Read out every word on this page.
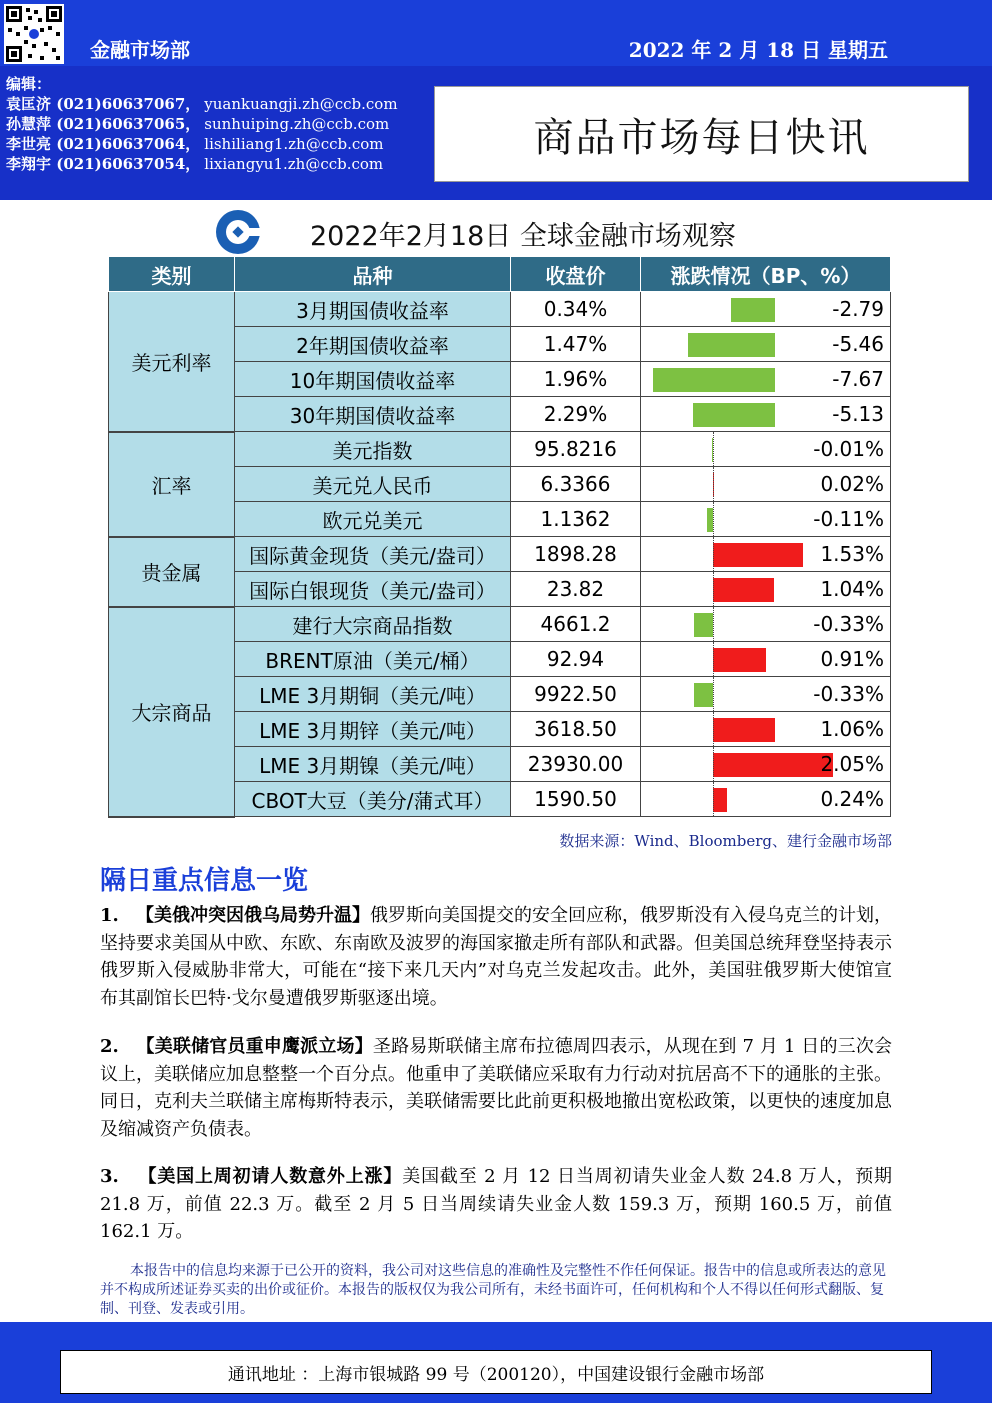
金融市场部	2022 年 2 月 18 日 星期五
编辑：
袁匡济 (021)60637067， yuankuangji.zh@ccb.com
孙慧萍 (021)60637065， sunhuiping.zh@ccb.com
李世亮 (021)60637064， lishiliang1.zh@ccb.com
李翔宇 (021)60637054， lixiangyu1.zh@ccb.com
商品市场每日快讯
2022年2月18日 全球金融市场观察
类别	品种	收盘价	涨跌情况（BP、%）
美元利率	3月期国债收益率	0.34%	-2.79

	2年期国债收益率	1.47%	-5.46

	10年期国债收益率	1.96%	-7.67

	30年期国债收益率	2.29%	-5.13

汇率	美元指数	95.8216	-0.01%

	美元兑人民币	6.3366	0.02%

	欧元兑美元	1.1362	-0.11%

贵金属	国际黄金现货（美元/盎司）	1898.28	1.53%

	国际白银现货（美元/盎司）	23.82	1.04%

大宗商品	建行大宗商品指数	4661.2	-0.33%

	BRENT原油（美元/桶）	92.94	0.91%

	LME 3月期铜（美元/吨）	9922.50	-0.33%

	LME 3月期锌（美元/吨）	3618.50	1.06%

	LME 3月期镍（美元/吨）	23930.00	2.05%

	CBOT大豆（美分/蒲式耳）	1590.50	0.24%
数据来源：Wind、Bloomberg、建行金融市场部
隔日重点信息一览
1. 【美俄冲突因俄乌局势升温】俄罗斯向美国提交的安全回应称，俄罗斯没有入侵乌克兰的计划，坚持要求美国从中欧、东欧、东南欧及波罗的海国家撤走所有部队和武器。但美国总统拜登坚持表示俄罗斯入侵威胁非常大，可能在“接下来几天内”对乌克兰发起攻击。此外，美国驻俄罗斯大使馆宣布其副馆长巴特·戈尔曼遭俄罗斯驱逐出境。
2. 【美联储官员重申鹰派立场】圣路易斯联储主席布拉德周四表示，从现在到 7 月 1 日的三次会议上，美联储应加息整整一个百分点。他重申了美联储应采取有力行动对抗居高不下的通胀的主张。同日，克利夫兰联储主席梅斯特表示，美联储需要比此前更积极地撤出宽松政策，以更快的速度加息及缩减资产负债表。
3. 【美国上周初请人数意外上涨】美国截至 2 月 12 日当周初请失业金人数 24.8 万人，预期 21.8 万，前值 22.3 万。截至 2 月 5 日当周续请失业金人数 159.3 万，预期 160.5 万，前值 162.1 万。
本报告中的信息均来源于已公开的资料，我公司对这些信息的准确性及完整性不作任何保证。报告中的信息或所表达的意见并不构成所述证券买卖的出价或征价。本报告的版权仅为我公司所有，未经书面许可，任何机构和个人不得以任何形式翻版、复制、刊登、发表或引用。
通讯地址 ：上海市银城路 99 号（200120），中国建设银行金融市场部
